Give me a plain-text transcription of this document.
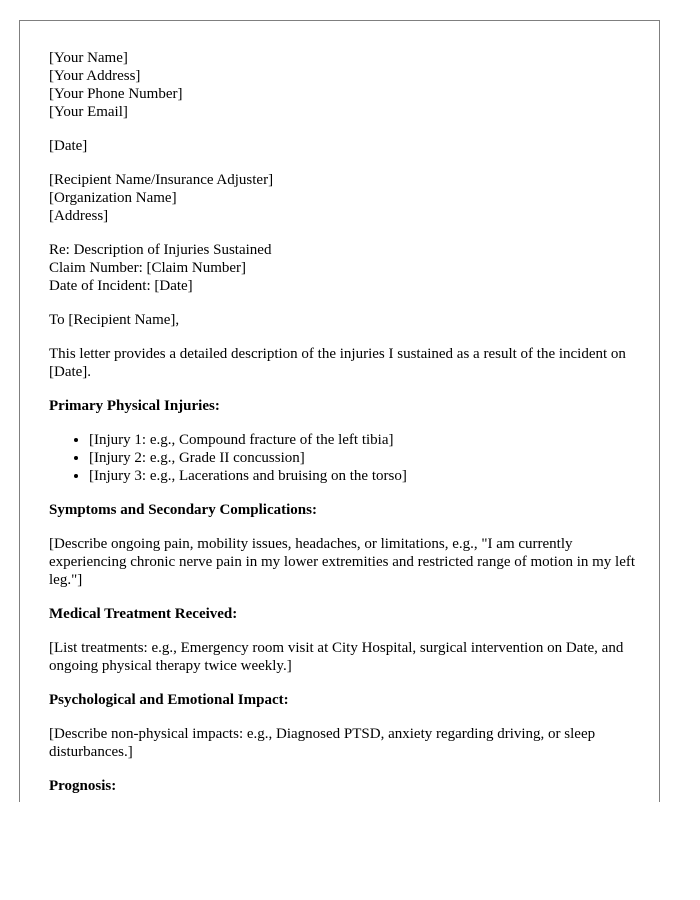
[Your Name]
[Your Address]
[Your Phone Number]
[Your Email]
[Date]
[Recipient Name/Insurance Adjuster]
[Organization Name]
[Address]
Re: Description of Injuries Sustained
Claim Number: [Claim Number]
Date of Incident: [Date]

To [Recipient Name],

This letter provides a detailed description of the injuries I sustained as a result of the incident on [Date].

Primary Physical Injuries:
• [Injury 1: e.g., Compound fracture of the left tibia]
• [Injury 2: e.g., Grade II concussion]
• [Injury 3: e.g., Lacerations and bruising on the torso]
Symptoms and Secondary Complications:

[Describe ongoing pain, mobility issues, headaches, or limitations, e.g., "I am currently experiencing chronic nerve pain in my lower extremities and restricted range of motion in my left leg."]

Medical Treatment Received:

[List treatments: e.g., Emergency room visit at City Hospital, surgical intervention on Date, and ongoing physical therapy twice weekly.]

Psychological and Emotional Impact:

[Describe non-physical impacts: e.g., Diagnosed PTSD, anxiety regarding driving, or sleep disturbances.]

Prognosis:
